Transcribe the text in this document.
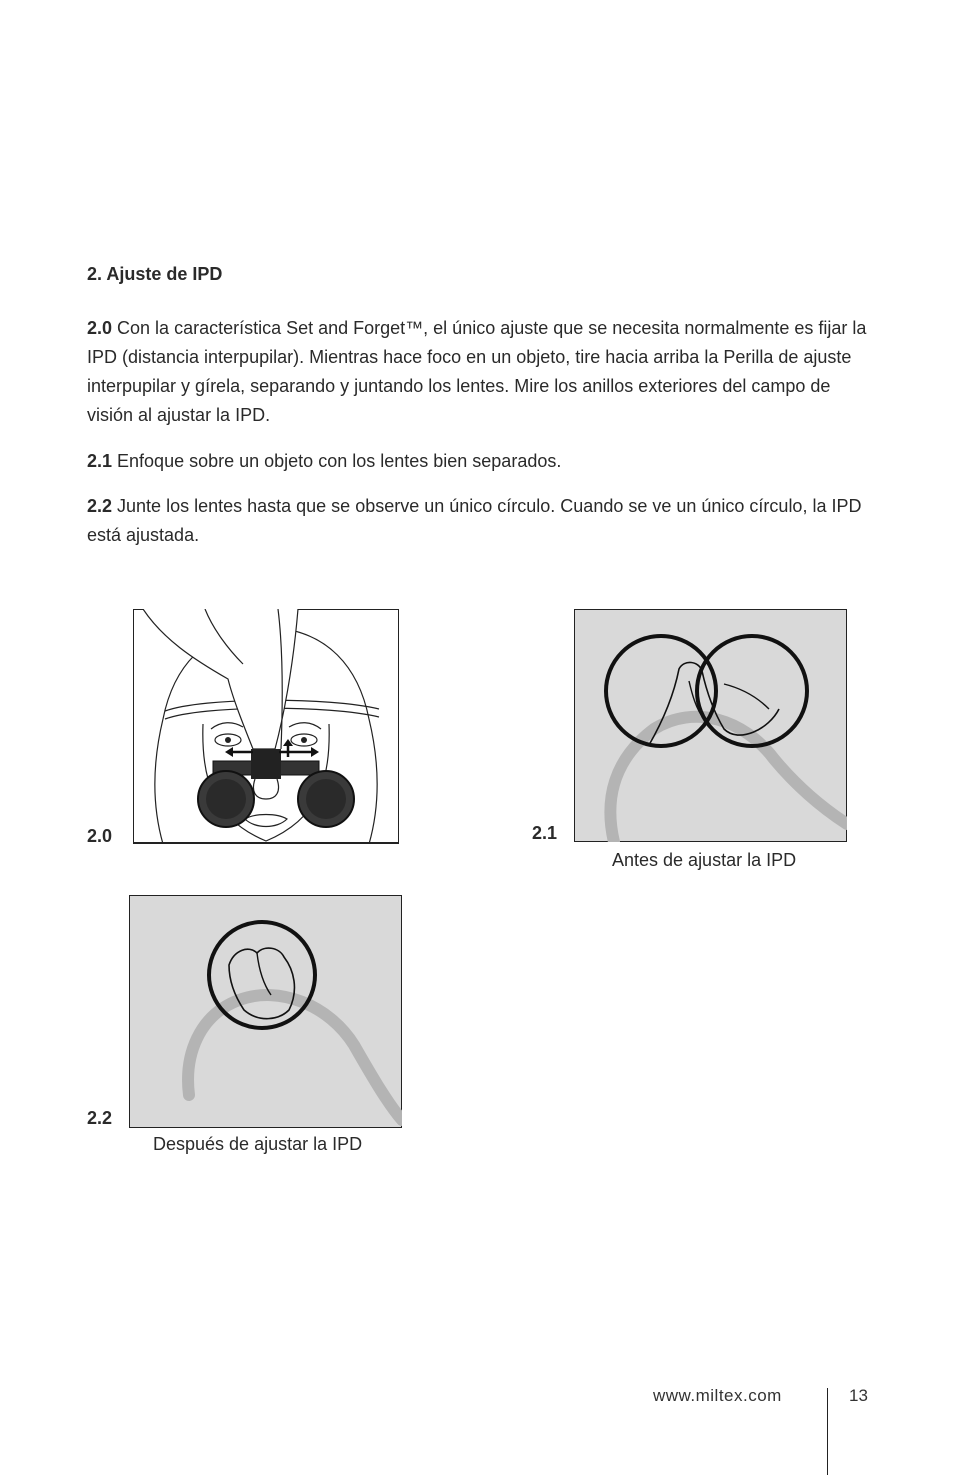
2. Ajuste de IPD
2.0 Con la característica Set and Forget™, el único ajuste que se necesita normalmente es fijar la IPD (distancia interpupilar). Mientras hace foco en un objeto, tire hacia arriba la Perilla de ajuste interpupilar y gírela, separando y juntando los lentes. Mire los anillos exteriores del campo de visión al ajustar la IPD.
2.1 Enfoque sobre un objeto con los lentes bien separados.
2.2 Junte los lentes hasta que se observe un único círculo. Cuando se ve un único círculo, la IPD está ajustada.
2.0	2.1
Antes de ajustar la IPD
2.2
Después de ajustar la IPD
www.miltex.com	13
